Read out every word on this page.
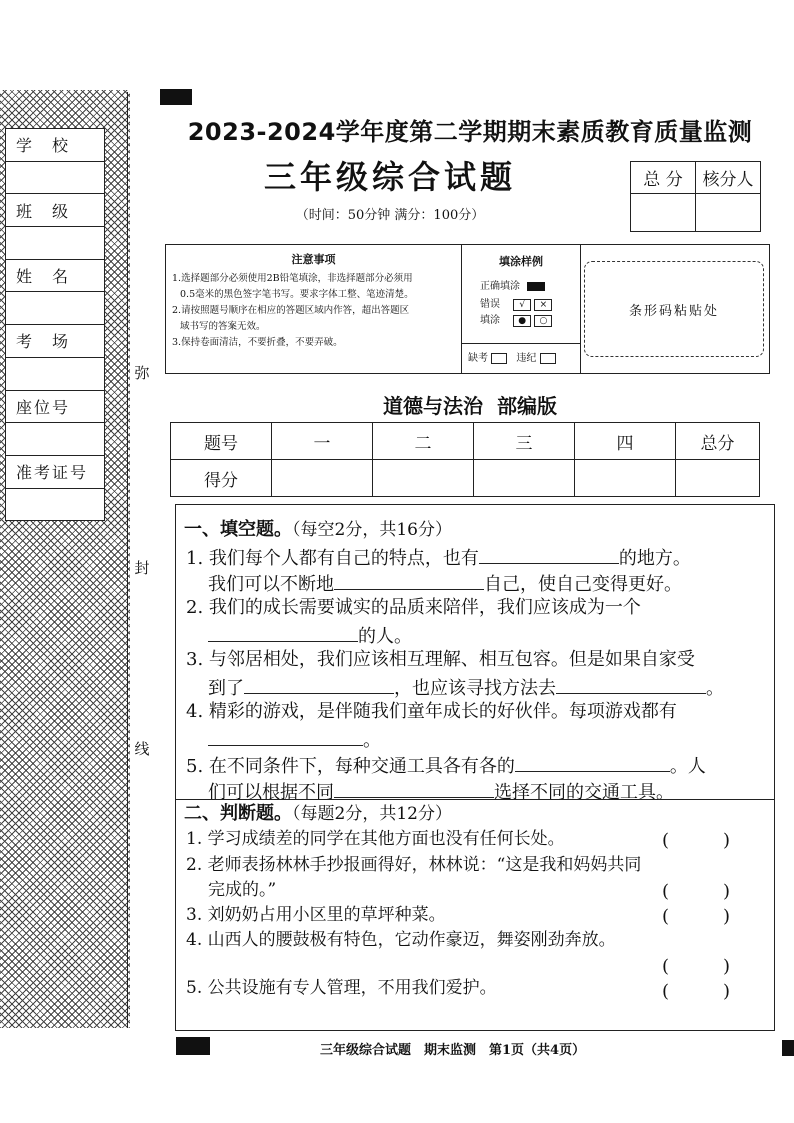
学　校

班　级

姓　名

考　场

座位号

准考证号

弥
封
线
2023-2024学年度第二学期期末素质教育质量监测
三年级综合试题
（时间：50分钟 满分：100分）
总 分	核分人

注意事项

1.选择题部分必须使用2B铅笔填涂，非选择题部分必须用

0.5毫米的黑色签字笔书写。要求字体工整、笔迹清楚。

2.请按照题号顺序在相应的答题区域内作答，超出答题区

域书写的答案无效。

3.保持卷面清洁，不要折叠，不要弄破。

填涂样例
正确填涂
错误 √ ×
填涂 ● ○
缺考	违纪
条形码粘贴处
道德与法治 部编版
题号	一	二	三	四	总分
得分					
一、填空题。（每空2分，共16分）
1. 我们每个人都有自己的特点，也有	的地方。
我们可以不断地	自己，使自己变得更好。
2. 我们的成长需要诚实的品质来陪伴，我们应该成为一个
的人。
3. 与邻居相处，我们应该相互理解、相互包容。但是如果自家受
到了	，也应该寻找方法去	。
4. 精彩的游戏，是伴随我们童年成长的好伙伴。每项游戏都有
。
5. 在不同条件下，每种交通工具各有各的	。人
们可以根据不同	选择不同的交通工具。
二、判断题。（每题2分，共12分）
1. 学习成绩差的同学在其他方面也没有任何长处。	(　　　)
2. 老师表扬林林手抄报画得好，林林说：“这是我和妈妈共同
完成的。”	(　　　)
3. 刘奶奶占用小区里的草坪种菜。	(　　　)
4. 山西人的腰鼓极有特色，它动作豪迈，舞姿刚劲奔放。
(　　　)
5. 公共设施有专人管理，不用我们爱护。	(　　　)
三年级综合试题　期末监测　第1页（共4页）
